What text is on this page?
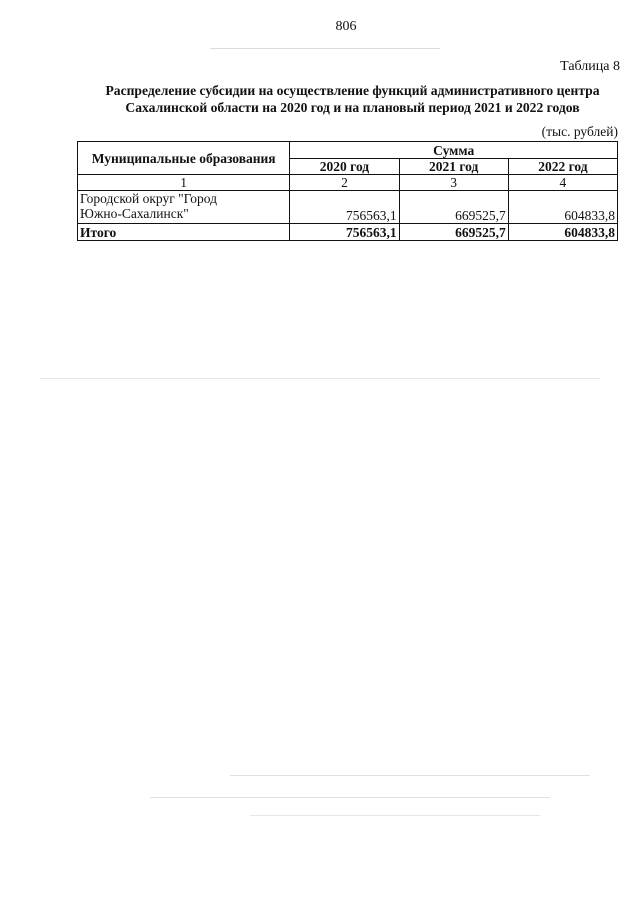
806
Таблица 8
Распределение субсидии на осуществление функций административного центра
Сахалинской области на 2020 год и на плановый период 2021 и 2022 годов
(тыс. рублей)
Муниципальные образования	Сумма		
	2020 год	2021 год	2022 год
1	2	3	4

Городской округ "Город
Южно-Сахалинск"	756563,1	669525,7	604833,8
Итого	756563,1	669525,7	604833,8
